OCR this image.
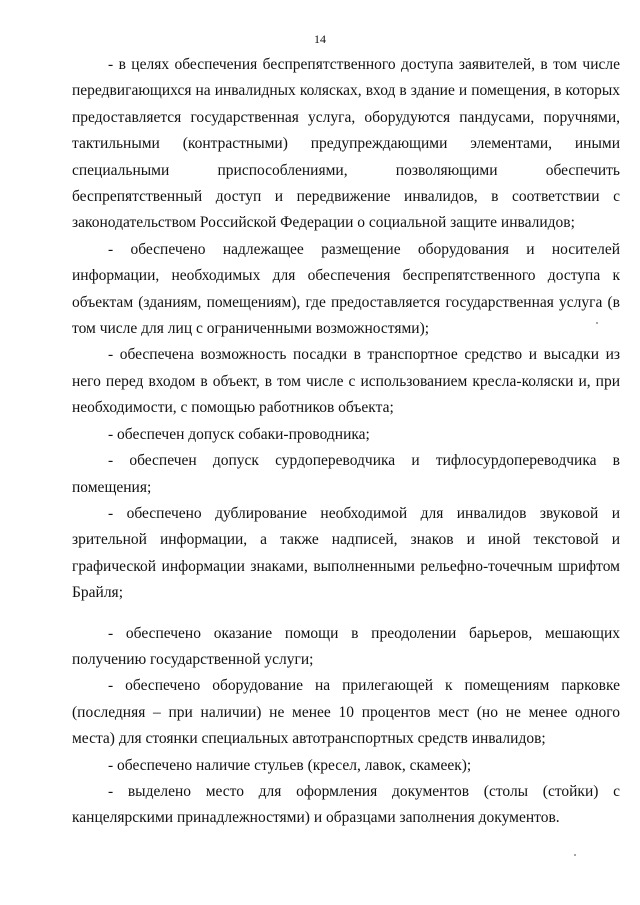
14

- в целях обеспечения беспрепятственного доступа заявителей, в том числе передвигающихся на инвалидных колясках, вход в здание и помещения, в которых предоставляется государственная услуга, оборудуются пандусами, поручнями, тактильными (контрастными) предупреждающими элементами, иными специальными приспособлениями, позволяющими обеспечить беспрепятственный доступ и передвижение инвалидов, в соответствии с законодательством Российской Федерации о социальной защите инвалидов;

- обеспечено надлежащее размещение оборудования и носителей информации, необходимых для обеспечения беспрепятственного доступа к объектам (зданиям, помещениям), где предоставляется государственная услуга (в том числе для лиц с ограниченными возможностями);

- обеспечена возможность посадки в транспортное средство и высадки из него перед входом в объект, в том числе с использованием кресла-коляски и, при необходимости, с помощью работников объекта;

- обеспечен допуск собаки-проводника;

- обеспечен допуск сурдопереводчика и тифлосурдопереводчика в помещения;

- обеспечено дублирование необходимой для инвалидов звуковой и зрительной информации, а также надписей, знаков и иной текстовой и графической информации знаками, выполненными рельефно-точечным шрифтом Брайля;

- обеспечено оказание помощи в преодолении барьеров, мешающих получению государственной услуги;

- обеспечено оборудование на прилегающей к помещениям парковке (последняя – при наличии) не менее 10 процентов мест (но не менее одного места) для стоянки специальных автотранспортных средств инвалидов;

- обеспечено наличие стульев (кресел, лавок, скамеек);

- выделено место для оформления документов (столы (стойки) с канцелярскими принадлежностями) и образцами заполнения документов.
